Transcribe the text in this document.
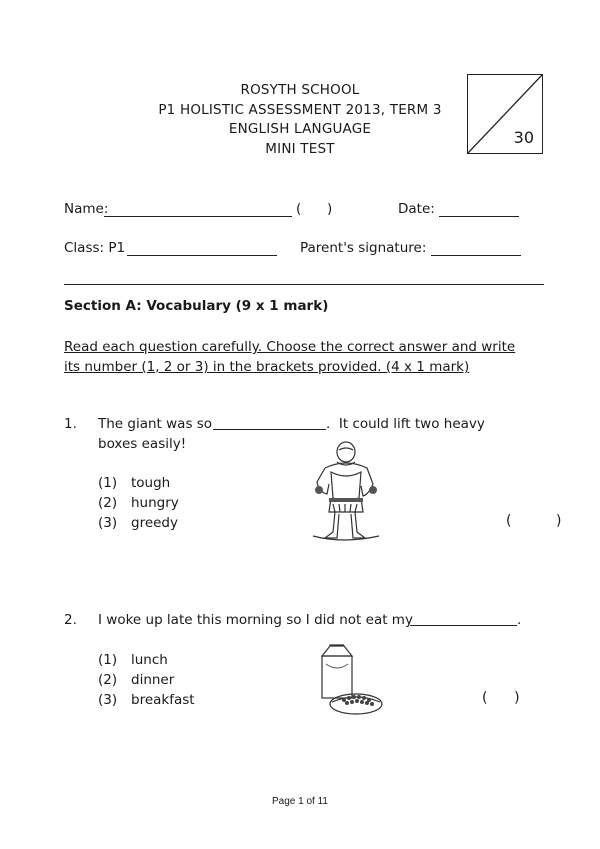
ROSYTH SCHOOL
P1 HOLISTIC ASSESSMENT 2013, TERM 3
ENGLISH LANGUAGE
MINI TEST
30
Name:	(      )	Date:
Class: P1	Parent's signature:
Section A: Vocabulary (9 x 1 mark)
Read each question carefully. Choose the correct answer and write
its number (1, 2 or 3) in the brackets provided. (4 x 1 mark)
1. The giant was so	.  It could lift two heavy
boxes easily!
(1) tough
(2) hungry
(3) greedy	(          )
2. I woke up late this morning so I did not eat my	.
(1) lunch
(2) dinner
(3) breakfast	(      )
Page 1 of 11
